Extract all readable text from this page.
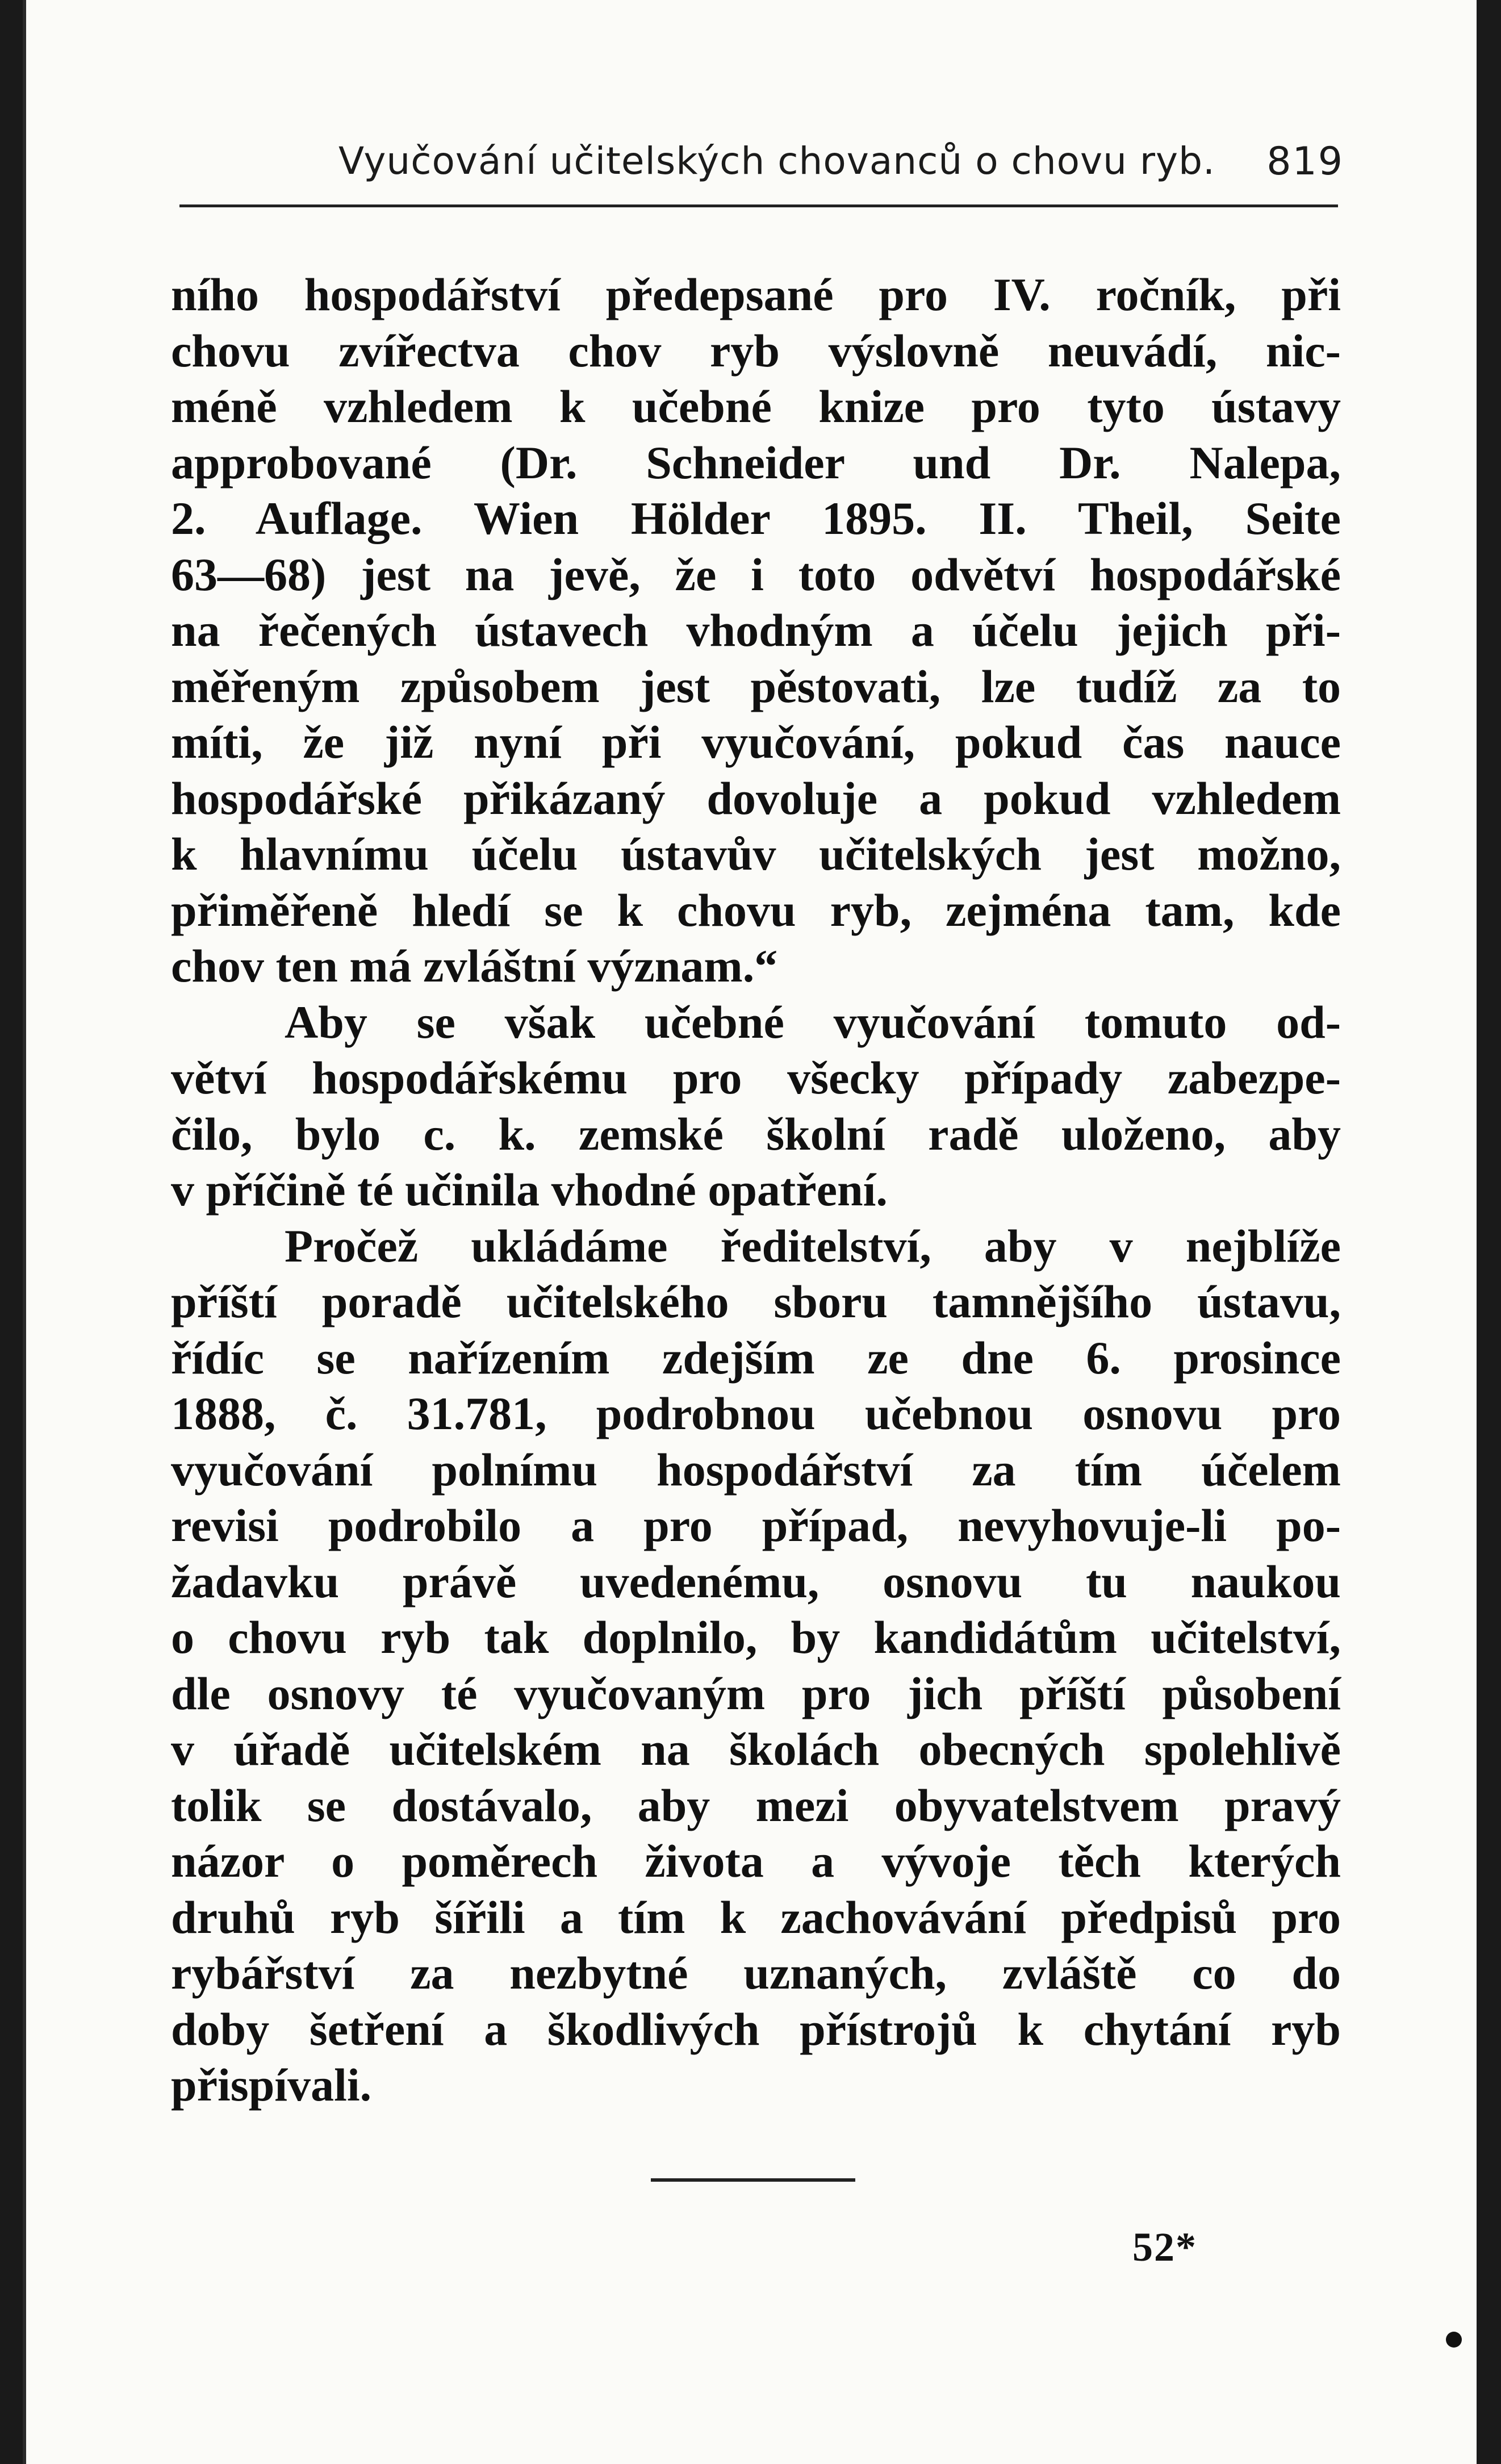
Vyučování učitelských chovanců o chovu ryb. 819
ního hospodářství předepsané pro IV. ročník, při
chovu zvířectva chov ryb výslovně neuvádí, nic-
méně vzhledem k učebné knize pro tyto ústavy
approbované (Dr. Schneider und Dr. Nalepa,
2. Auflage. Wien Hölder 1895. II. Theil, Seite
63—68) jest na jevě, že i toto odvětví hospodářské
na řečených ústavech vhodným a účelu jejich při-
měřeným způsobem jest pěstovati, lze tudíž za to
míti, že již nyní při vyučování, pokud čas nauce
hospodářské přikázaný dovoluje a pokud vzhledem
k hlavnímu účelu ústavův učitelských jest možno,
přiměřeně hledí se k chovu ryb, zejména tam, kde
chov ten má zvláštní význam.“
Aby se však učebné vyučování tomuto od-
větví hospodářskému pro všecky případy zabezpe-
čilo, bylo c. k. zemské školní radě uloženo, aby
v příčině té učinila vhodné opatření.
Pročež ukládáme ředitelství, aby v nejblíže
příští poradě učitelského sboru tamnějšího ústavu,
řídíc se nařízením zdejším ze dne 6. prosince
1888, č. 31.781, podrobnou učebnou osnovu pro
vyučování polnímu hospodářství za tím účelem
revisi podrobilo a pro případ, nevyhovuje-li po-
žadavku právě uvedenému, osnovu tu naukou
o chovu ryb tak doplnilo, by kandidátům učitelství,
dle osnovy té vyučovaným pro jich příští působení
v úřadě učitelském na školách obecných spolehlivě
tolik se dostávalo, aby mezi obyvatelstvem pravý
názor o poměrech života a vývoje těch kterých
druhů ryb šířili a tím k zachovávání předpisů pro
rybářství za nezbytné uznaných, zvláště co do
doby šetření a škodlivých přístrojů k chytání ryb
přispívali.
52*
